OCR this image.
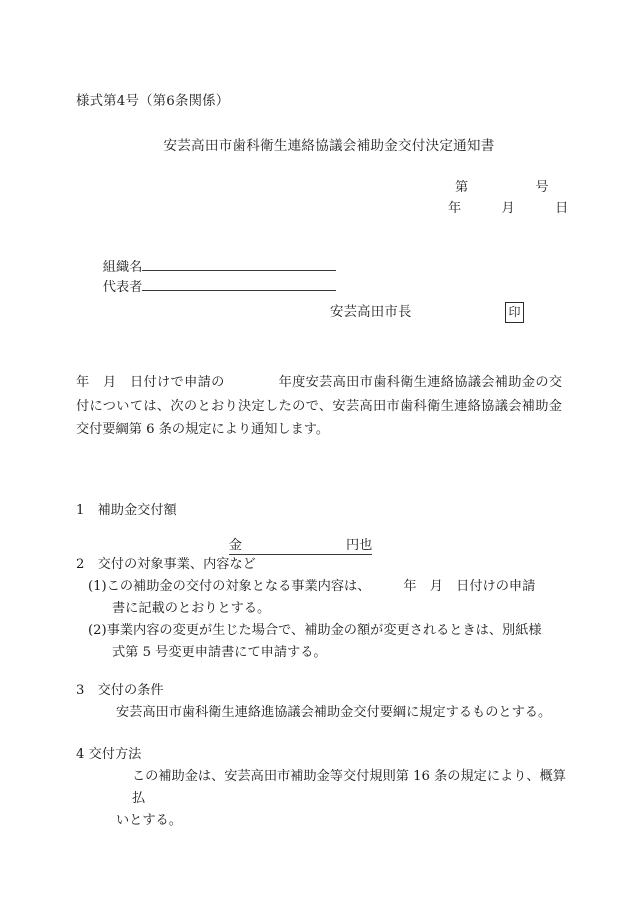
様式第4号（第6条関係）
安芸高田市歯科衛生連絡協議会補助金交付決定通知書
第　　　　　号
年　　　月　　　日

組織名

代表者

安芸高田市長	印
年　月　日付けで申請の　　　　年度安芸高田市歯科衛生連絡協議会補助金の交付については、次のとおり決定したので、安芸高田市歯科衛生連絡協議会補助金交付要綱第 6 条の規定により通知します。
1　補助金交付額

金	円也

2　交付の対象事業、内容など
(1)この補助金の交付の対象となる事業内容は、　　　年　月　日付けの申請
書に記載のとおりとする。
(2)事業内容の変更が生じた場合で、補助金の額が変更されるときは、別紙様
式第 5 号変更申請書にて申請する。
3　交付の条件
安芸高田市歯科衛生連絡進協議会補助金交付要綱に規定するものとする。
4 交付方法
この補助金は、安芸高田市補助金等交付規則第 16 条の規定により、概算払
いとする。
